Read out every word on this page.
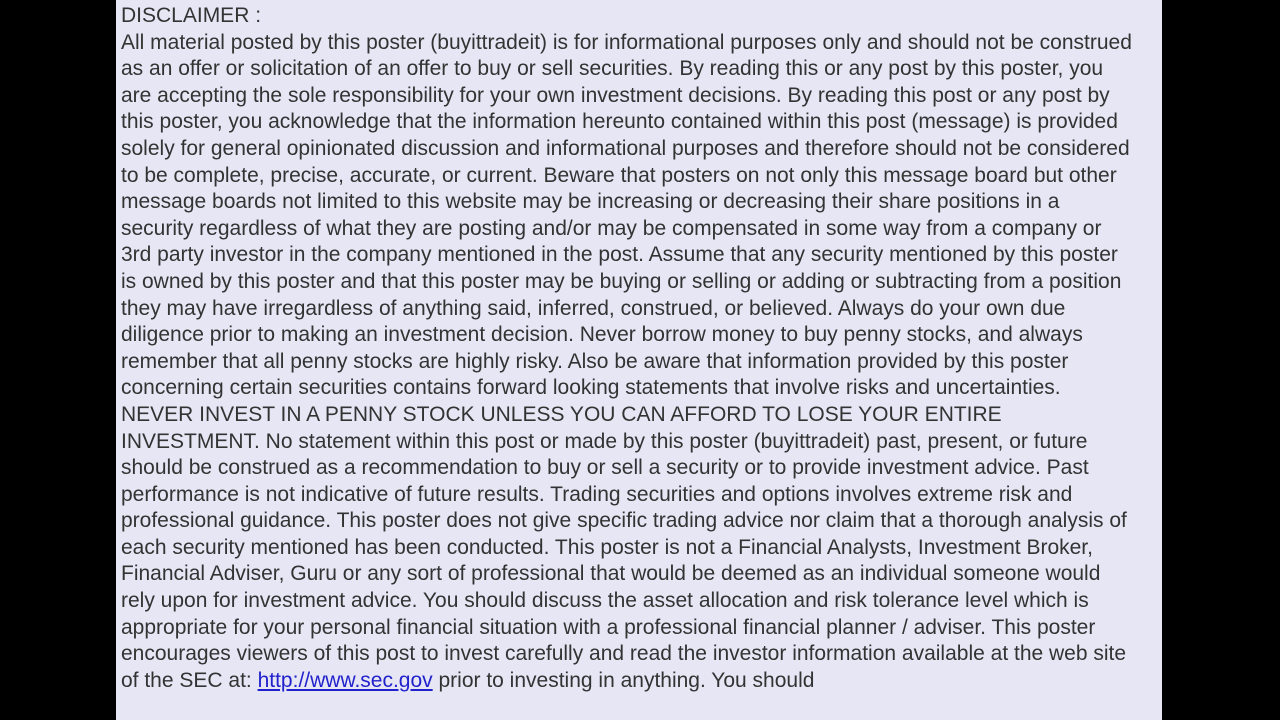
DISCLAIMER :

All material posted by this poster (buyittradeit) is for informational purposes only and should not be construed as an offer or solicitation of an offer to buy or sell securities. By reading this or any post by this poster, you are accepting the sole responsibility for your own investment decisions. By reading this post or any post by this poster, you acknowledge that the information hereunto contained within this post (message) is provided solely for general opinionated discussion and informational purposes and therefore should not be considered to be complete, precise, accurate, or current. Beware that posters on not only this message board but other message boards not limited to this website may be increasing or decreasing their share positions in a security regardless of what they are posting and/or may be compensated in some way from a company or 3rd party investor in the company mentioned in the post. Assume that any security mentioned by this poster is owned by this poster and that this poster may be buying or selling or adding or subtracting from a position they may have irregardless of anything said, inferred, construed, or believed. Always do your own due diligence prior to making an investment decision. Never borrow money to buy penny stocks, and always remember that all penny stocks are highly risky. Also be aware that information provided by this poster concerning certain securities contains forward looking statements that involve risks and uncertainties. NEVER INVEST IN A PENNY STOCK UNLESS YOU CAN AFFORD TO LOSE YOUR ENTIRE INVESTMENT. No statement within this post or made by this poster (buyittradeit) past, present, or future should be construed as a recommendation to buy or sell a security or to provide investment advice. Past performance is not indicative of future results. Trading securities and options involves extreme risk and professional guidance. This poster does not give specific trading advice nor claim that a thorough analysis of each security mentioned has been conducted. This poster is not a Financial Analysts, Investment Broker, Financial Adviser, Guru or any sort of professional that would be deemed as an individual someone would rely upon for investment advice. You should discuss the asset allocation and risk tolerance level which is appropriate for your personal financial situation with a professional financial planner / adviser. This poster encourages viewers of this post to invest carefully and read the investor information available at the web site of the SEC at: http://www.sec.gov prior to investing in anything. You should
